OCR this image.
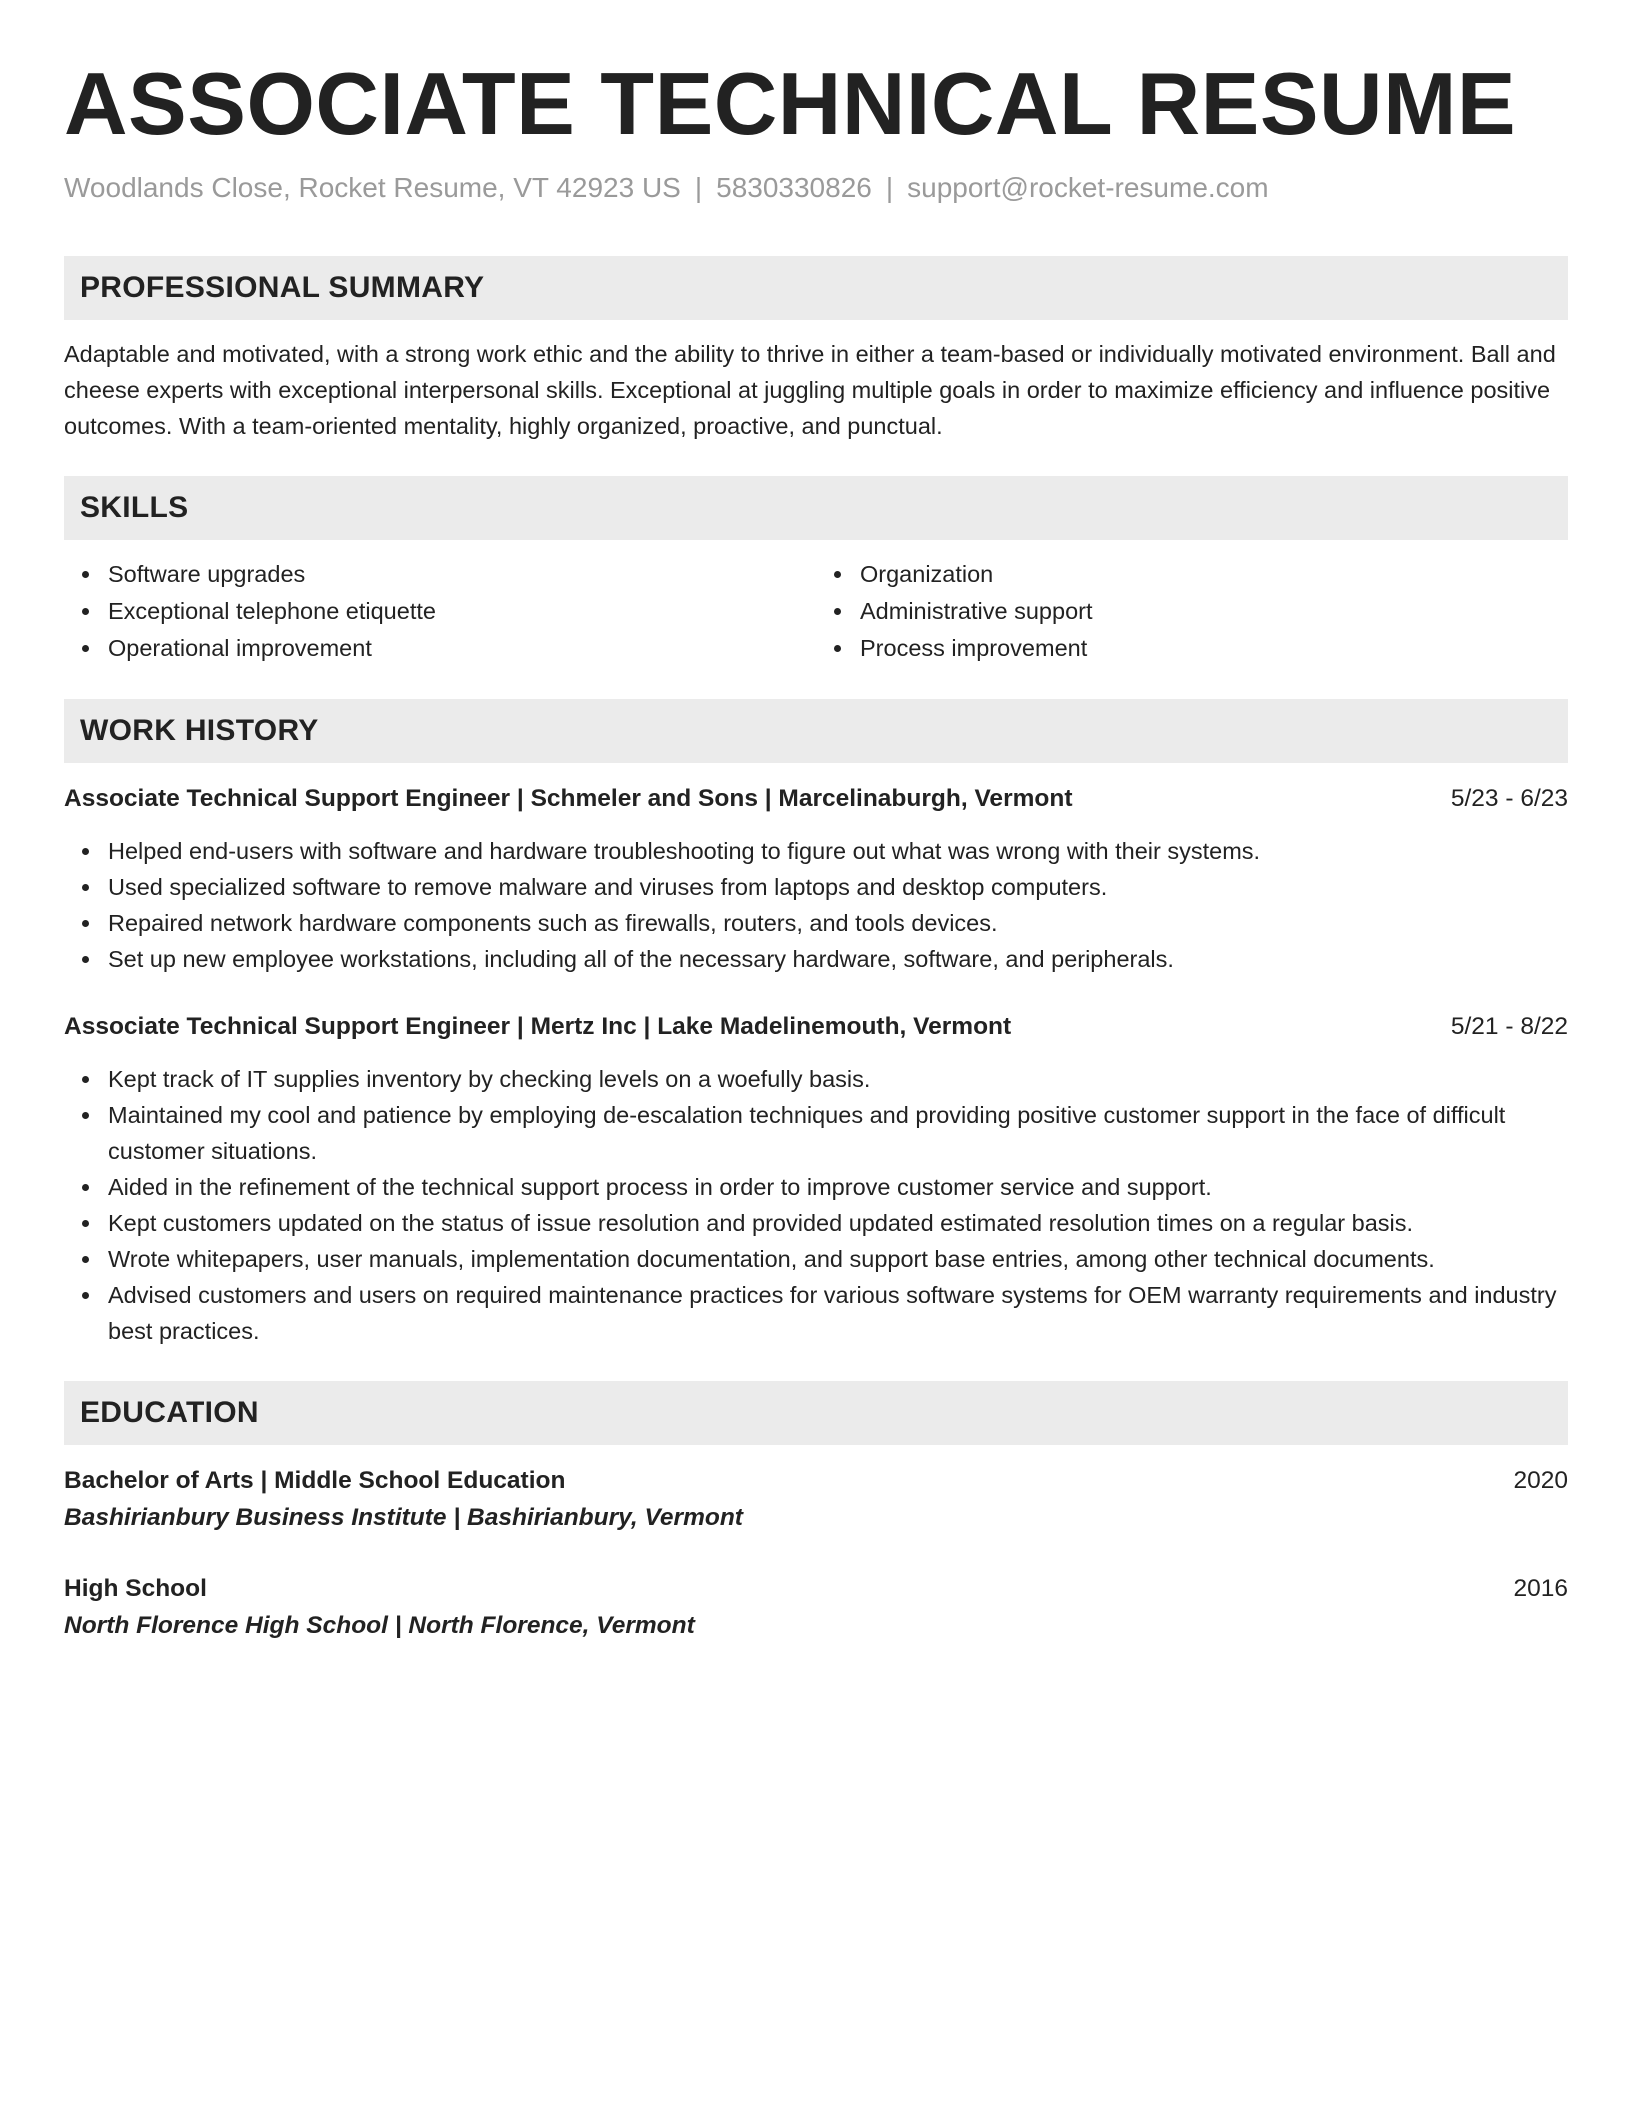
ASSOCIATE TECHNICAL RESUME
Woodlands Close, Rocket Resume, VT 42923 US | 5830330826 | support@rocket-resume.com
PROFESSIONAL SUMMARY

Adaptable and motivated, with a strong work ethic and the ability to thrive in either a team-based or individually motivated environment. Ball and cheese experts with exceptional interpersonal skills. Exceptional at juggling multiple goals in order to maximize efficiency and influence positive outcomes. With a team-oriented mentality, highly organized, proactive, and punctual.

SKILLS
Software upgrades
Exceptional telephone etiquette
Operational improvement
Organization
Administrative support
Process improvement
WORK HISTORY
Associate Technical Support Engineer | Schmeler and Sons | Marcelinaburgh, Vermont	5/23 - 6/23
Helped end-users with software and hardware troubleshooting to figure out what was wrong with their systems.
Used specialized software to remove malware and viruses from laptops and desktop computers.
Repaired network hardware components such as firewalls, routers, and tools devices.
Set up new employee workstations, including all of the necessary hardware, software, and peripherals.
Associate Technical Support Engineer | Mertz Inc | Lake Madelinemouth, Vermont	5/21 - 8/22
Kept track of IT supplies inventory by checking levels on a woefully basis.
Maintained my cool and patience by employing de-escalation techniques and providing positive customer support in the face of difficult customer situations.
Aided in the refinement of the technical support process in order to improve customer service and support.
Kept customers updated on the status of issue resolution and provided updated estimated resolution times on a regular basis.
Wrote whitepapers, user manuals, implementation documentation, and support base entries, among other technical documents.
Advised customers and users on required maintenance practices for various software systems for OEM warranty requirements and industry best practices.
EDUCATION
Bachelor of Arts | Middle School Education	2020
Bashirianbury Business Institute | Bashirianbury, Vermont
High School	2016
North Florence High School | North Florence, Vermont
